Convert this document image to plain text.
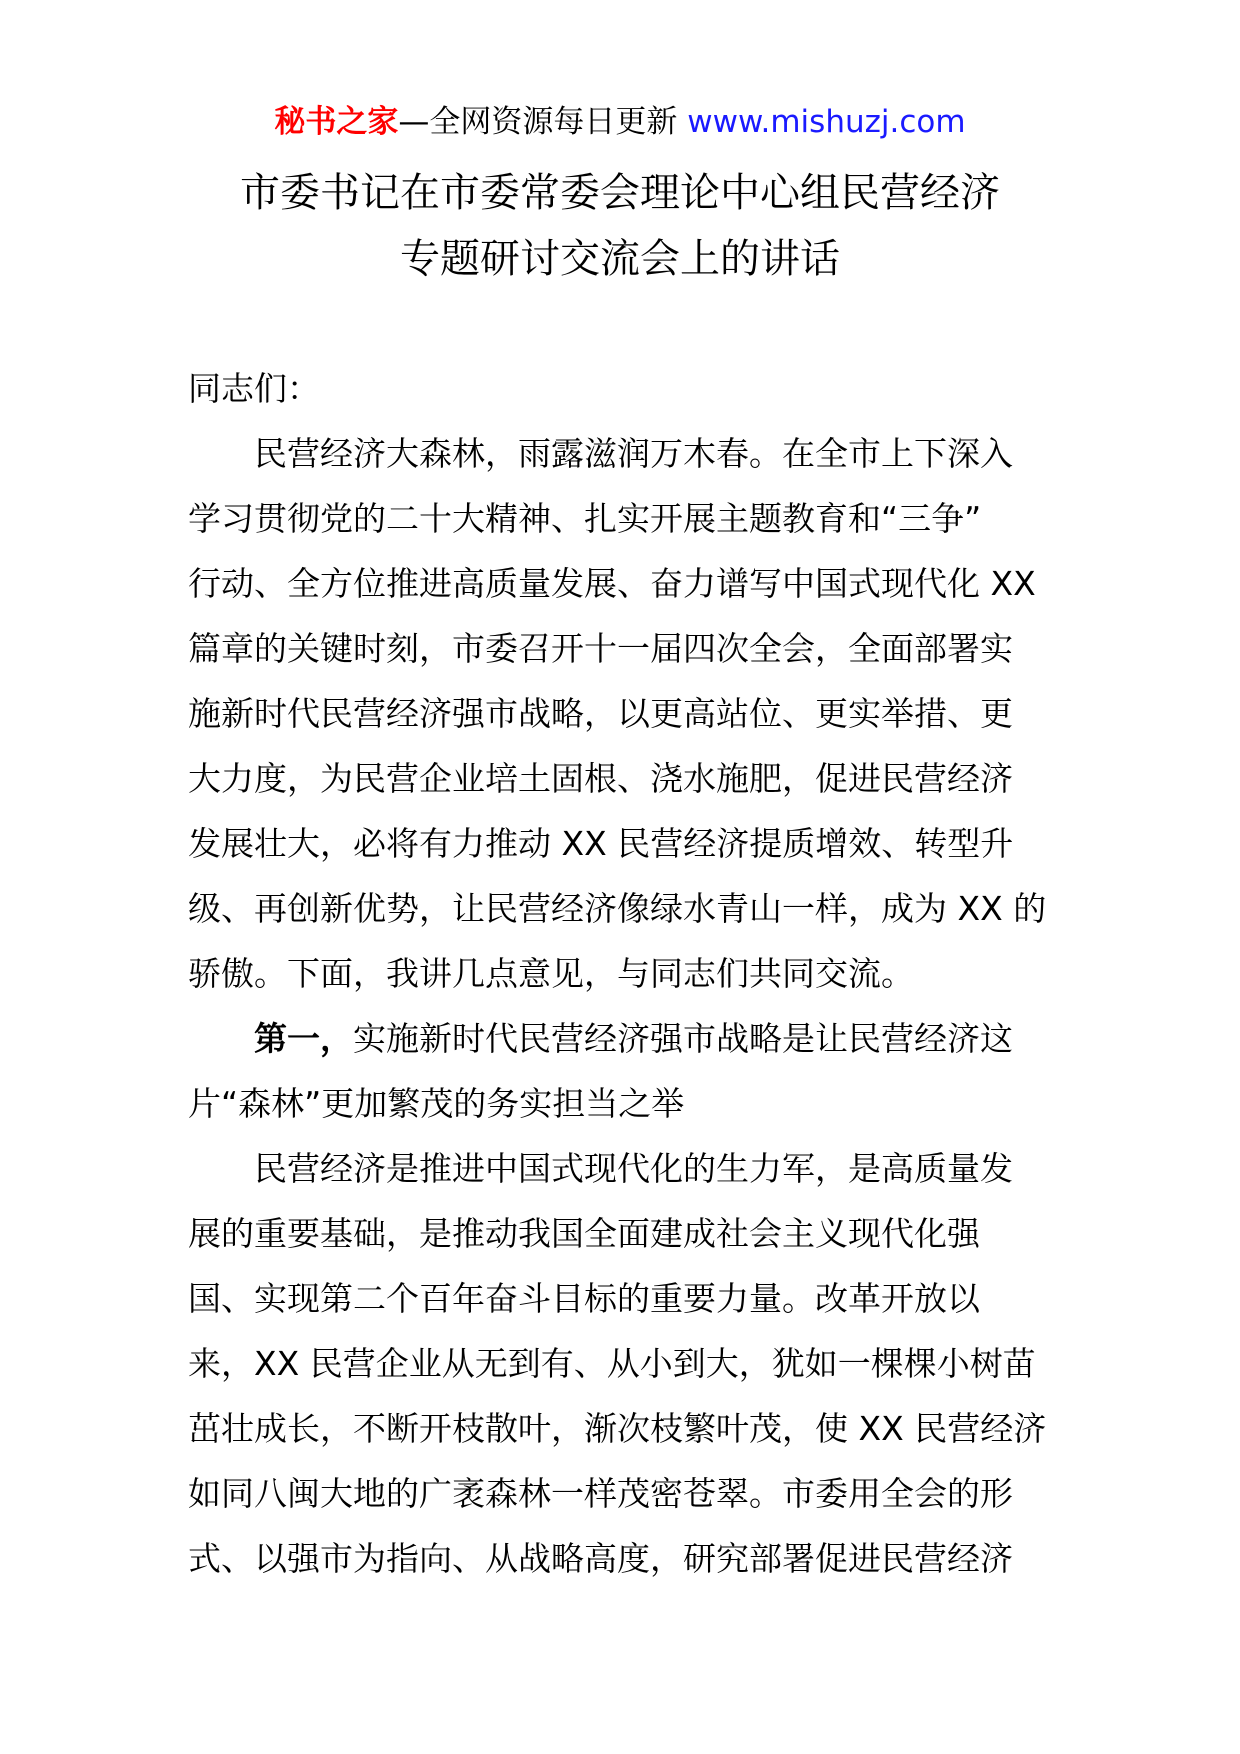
秘书之家—全网资源每日更新 www.mishuzj.com
市委书记在市委常委会理论中心组民营经济
专题研讨交流会上的讲话
同志们：
民营经济大森林，雨露滋润万木春。在全市上下深入
学习贯彻党的二十大精神、扎实开展主题教育和“三争”
行动、全方位推进高质量发展、奋力谱写中国式现代化 XX
篇章的关键时刻，市委召开十一届四次全会，全面部署实
施新时代民营经济强市战略，以更高站位、更实举措、更
大力度，为民营企业培土固根、浇水施肥，促进民营经济
发展壮大，必将有力推动 XX 民营经济提质增效、转型升
级、再创新优势，让民营经济像绿水青山一样，成为 XX 的
骄傲。下面，我讲几点意见，与同志们共同交流。
第一，实施新时代民营经济强市战略是让民营经济这
片“森林”更加繁茂的务实担当之举
民营经济是推进中国式现代化的生力军，是高质量发
展的重要基础，是推动我国全面建成社会主义现代化强
国、实现第二个百年奋斗目标的重要力量。改革开放以
来，XX 民营企业从无到有、从小到大，犹如一棵棵小树苗
茁壮成长，不断开枝散叶，渐次枝繁叶茂，使 XX 民营经济
如同八闽大地的广袤森林一样茂密苍翠。市委用全会的形
式、以强市为指向、从战略高度，研究部署促进民营经济
